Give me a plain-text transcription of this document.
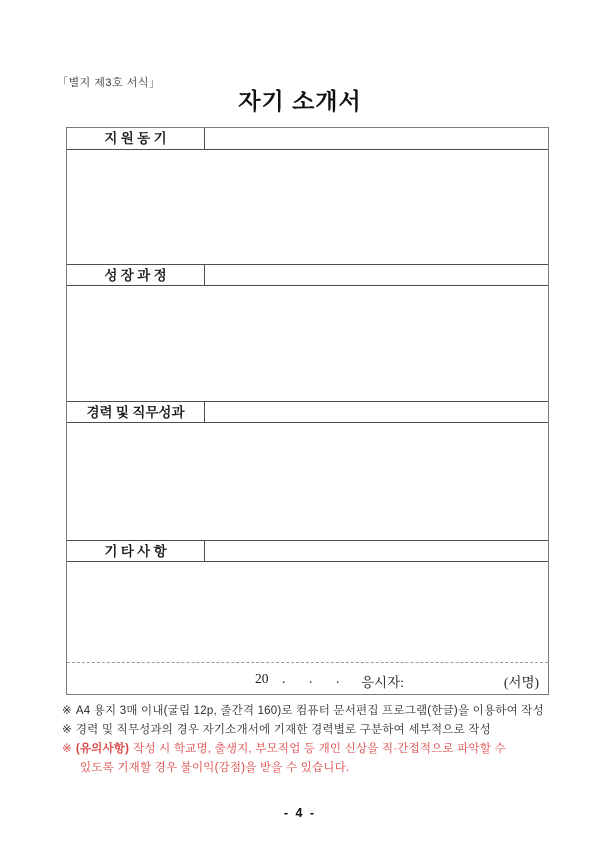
「별지 제3호 서식」
자기 소개서
지 원 동 기
성 장 과 정
경력 및 직무성과
기 타 사 항
20    .       .       . 응시자:	(서명)
※ A4 용지 3매 이내(굴림 12p, 줄간격 160)로 컴퓨터 문서편집 프로그램(한글)을 이용하여 작성
※ 경력 및 직무성과의 경우 자기소개서에 기재한 경력별로 구분하여 세부적으로 작성
※ (유의사항) 작성 시 학교명, 출생지, 부모직업 등 개인 신상을 직·간접적으로 파악할 수
있도록 기재할 경우 불이익(감점)을 받을 수 있습니다.
- 4 -
